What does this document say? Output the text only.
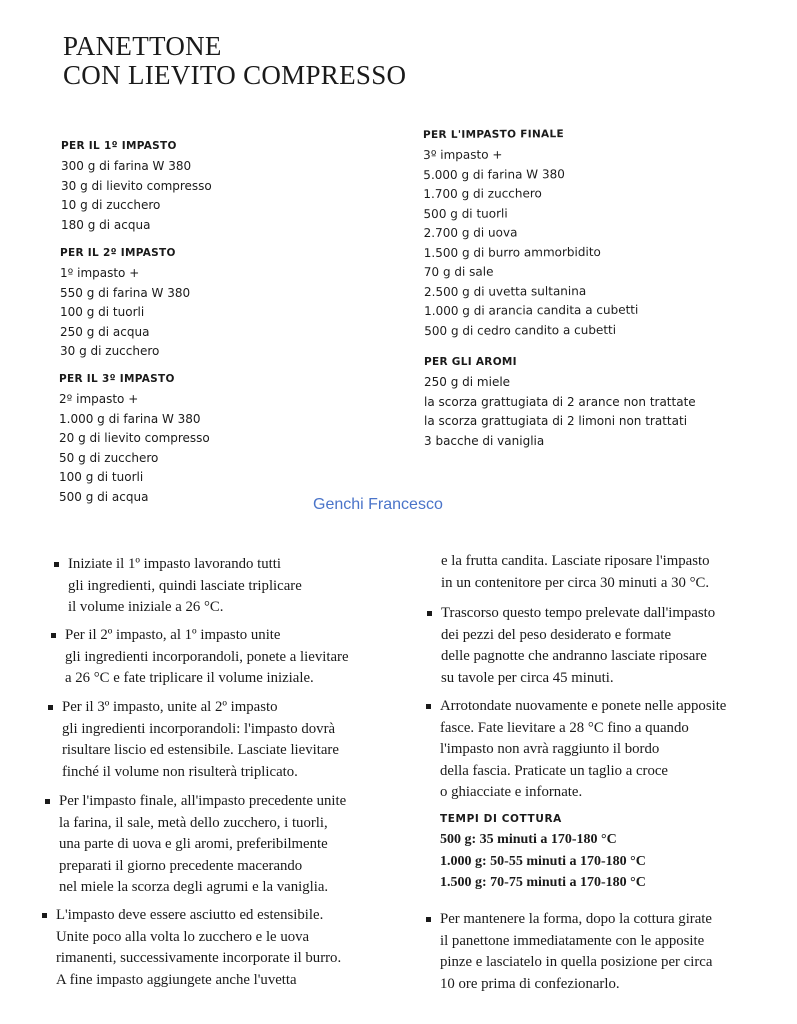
PANETTONE
CON LIEVITO COMPRESSO
PER IL 1º IMPASTO
300 g di farina W 380
30 g di lievito compresso
10 g di zucchero
180 g di acqua
PER IL 2º IMPASTO
1º impasto +
550 g di farina W 380
100 g di tuorli
250 g di acqua
30 g di zucchero
PER IL 3º IMPASTO
2º impasto +
1.000 g di farina W 380
20 g di lievito compresso
50 g di zucchero
100 g di tuorli
500 g di acqua
PER L'IMPASTO FINALE
3º impasto +
5.000 g di farina W 380
1.700 g di zucchero
500 g di tuorli
2.700 g di uova
1.500 g di burro ammorbidito
70 g di sale
2.500 g di uvetta sultanina
1.000 g di arancia candita a cubetti
500 g di cedro candito a cubetti
PER GLI AROMI
250 g di miele
la scorza grattugiata di 2 arance non trattate
la scorza grattugiata di 2 limoni non trattati
3 bacche di vaniglia
Genchi Francesco
Iniziate il 1º impasto lavorando tutti
gli ingredienti, quindi lasciate triplicare
il volume iniziale a 26 °C.
Per il 2º impasto, al 1º impasto unite
gli ingredienti incorporandoli, ponete a lievitare
a 26 °C e fate triplicare il volume iniziale.
Per il 3º impasto, unite al 2º impasto
gli ingredienti incorporandoli: l'impasto dovrà
risultare liscio ed estensibile. Lasciate lievitare
finché il volume non risulterà triplicato.
Per l'impasto finale, all'impasto precedente unite
la farina, il sale, metà dello zucchero, i tuorli,
una parte di uova e gli aromi, preferibilmente
preparati il giorno precedente macerando
nel miele la scorza degli agrumi e la vaniglia.
L'impasto deve essere asciutto ed estensibile.
Unite poco alla volta lo zucchero e le uova
rimanenti, successivamente incorporate il burro.
A fine impasto aggiungete anche l'uvetta
e la frutta candita. Lasciate riposare l'impasto
in un contenitore per circa 30 minuti a 30 °C.
Trascorso questo tempo prelevate dall'impasto
dei pezzi del peso desiderato e formate
delle pagnotte che andranno lasciate riposare
su tavole per circa 45 minuti.
Arrotondate nuovamente e ponete nelle apposite
fasce. Fate lievitare a 28 °C fino a quando
l'impasto non avrà raggiunto il bordo
della fascia. Praticate un taglio a croce
o ghiacciate e infornate.
TEMPI DI COTTURA
500 g: 35 minuti a 170-180 °C
1.000 g: 50-55 minuti a 170-180 °C
1.500 g: 70-75 minuti a 170-180 °C
Per mantenere la forma, dopo la cottura girate
il panettone immediatamente con le apposite
pinze e lasciatelo in quella posizione per circa
10 ore prima di confezionarlo.
